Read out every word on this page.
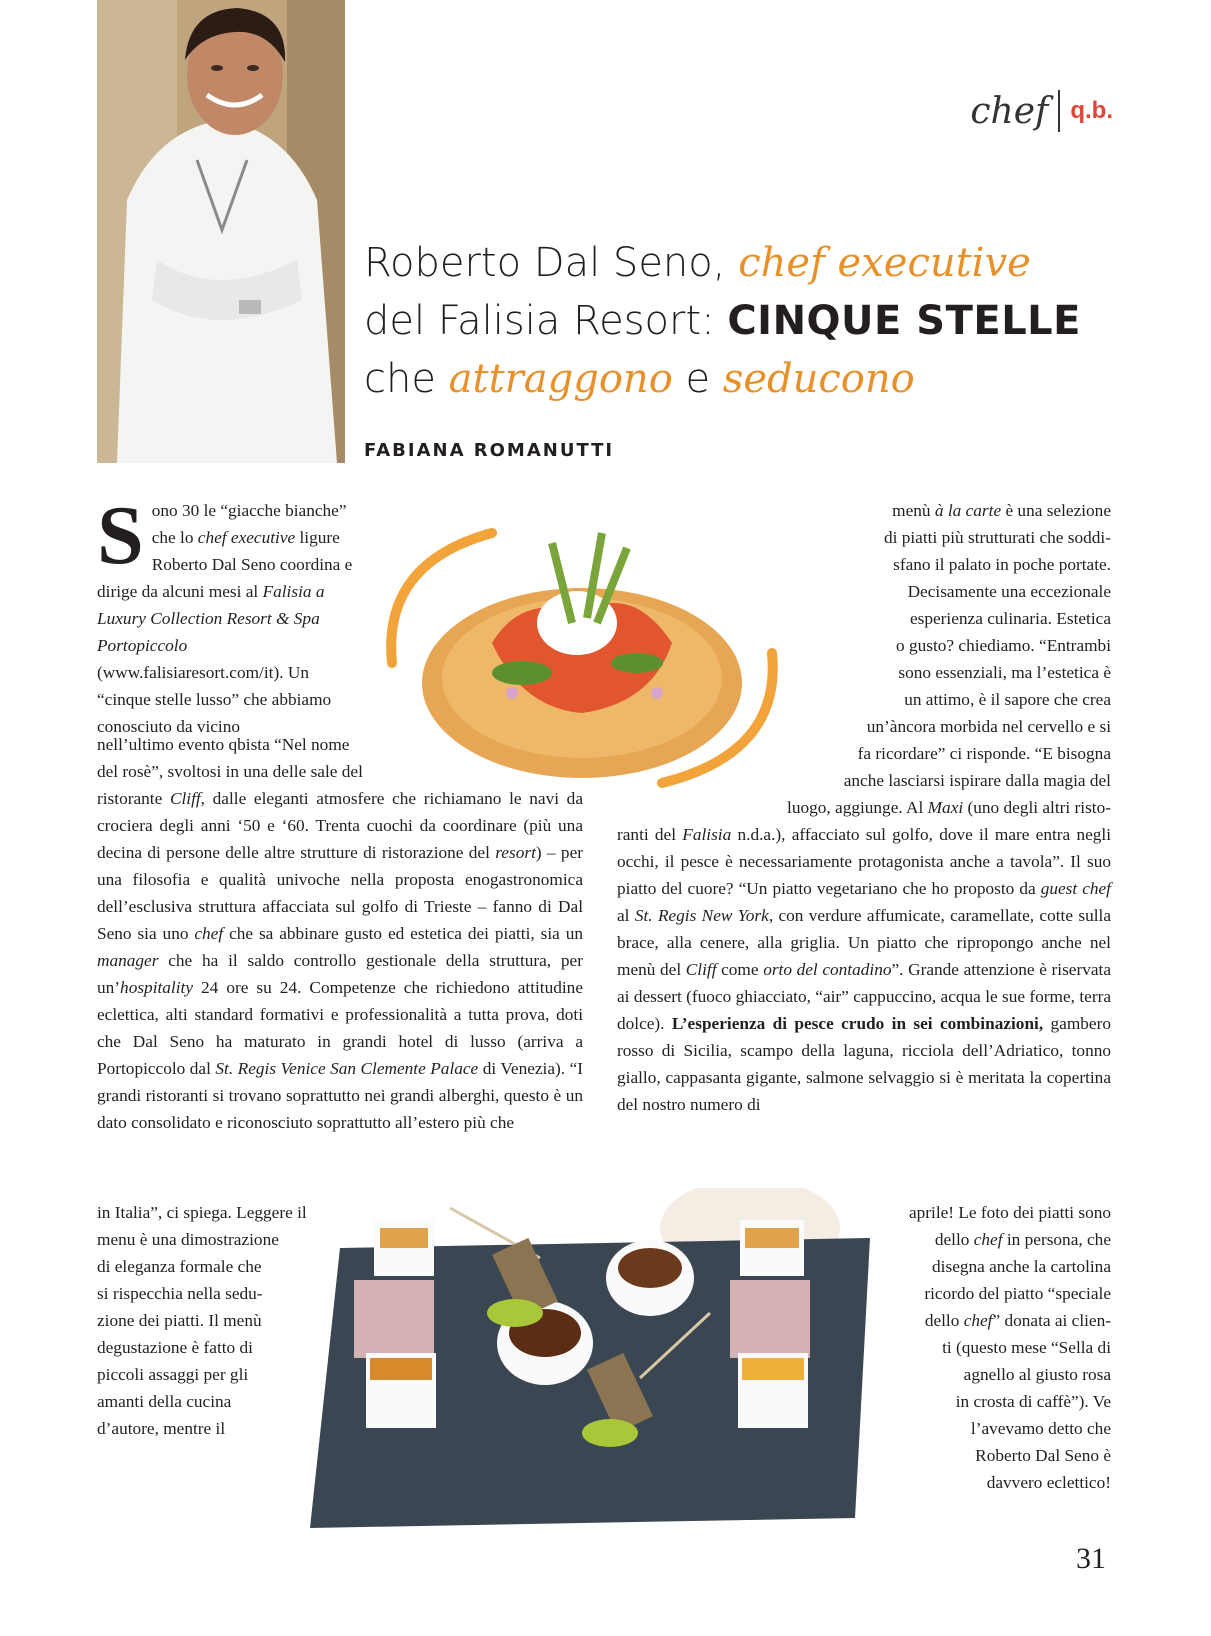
chef q.b.
Roberto Dal Seno, chef executive
del Falisia Resort: CINQUE STELLE
che attraggono e seducono
FABIANA ROMANUTTI
Sono 30 le “giacche bianche” che lo chef executive ligure Roberto Dal Seno coordina e dirige da alcuni mesi al Falisia a Luxury Collection Resort & Spa Portopiccolo (www.falisiaresort.com/it). Un “cinque stelle lusso” che abbiamo conosciuto da vicino

nell’ultimo evento qbista “Nel nome

del rosè”, svoltosi in una delle sale del

ristorante Cliff, dalle eleganti atmosfere che richiamano le navi da crociera degli anni ‘50 e ‘60. Trenta cuochi da coordinare (più una decina di persone delle altre strutture di ristorazione del resort) – per una filosofia e qualità univoche nella proposta enogastronomica dell’esclusiva struttura affacciata sul golfo di Trieste – fanno di Dal Seno sia uno chef che sa abbinare gusto ed estetica dei piatti, sia un manager che ha il saldo controllo gestionale della struttura, per un’hospitality 24 ore su 24. Competenze che richiedono attitudine eclettica, alti standard formativi e professionalità a tutta prova, doti che Dal Seno ha maturato in grandi hotel di lusso (arriva a Portopiccolo dal St. Regis Venice San Clemente Palace di Venezia). “I grandi ristoranti si trovano soprattutto nei grandi alberghi, questo è un dato consolidato e riconosciuto soprattutto all’estero più che

in Italia”, ci spiega. Leggere il

menu è una dimostrazione

di eleganza formale che

si rispecchia nella sedu-

zione dei piatti. Il menù

degustazione è fatto di

piccoli assaggi per gli

amanti della cucina

d’autore, mentre il

menù à la carte è una selezione

di piatti più strutturati che soddi-

sfano il palato in poche portate.

Decisamente una eccezionale

esperienza culinaria. Estetica

o gusto? chiediamo. “Entrambi

sono essenziali, ma l’estetica è

un attimo, è il sapore che crea

un’àncora morbida nel cervello e si

fa ricordare” ci risponde. “E bisogna

anche lasciarsi ispirare dalla magia del

luogo, aggiunge. Al Maxi (uno degli altri risto-

ranti del Falisia n.d.a.), affacciato sul golfo, dove il mare entra negli occhi, il pesce è necessariamente protagonista anche a tavola”. Il suo piatto del cuore? “Un piatto vegetariano che ho proposto da guest chef al St. Regis New York, con verdure affumicate, caramellate, cotte sulla brace, alla cenere, alla griglia. Un piatto che ripropongo anche nel menù del Cliff come orto del contadino”. Grande attenzione è riservata ai dessert (fuoco ghiacciato, “air” cappuccino, acqua le sue forme, terra dolce). L’esperienza di pesce crudo in sei combinazioni, gambero rosso di Sicilia, scampo della laguna, ricciola dell’Adriatico, tonno giallo, cappasanta gigante, salmone selvaggio si è meritata la copertina del nostro numero di

aprile! Le foto dei piatti sono

dello chef in persona, che

disegna anche la cartolina

ricordo del piatto “speciale

dello chef” donata ai clien-

ti (questo mese “Sella di

agnello al giusto rosa

in crosta di caffè”). Ve

l’avevamo detto che

Roberto Dal Seno è

davvero eclettico!

31
